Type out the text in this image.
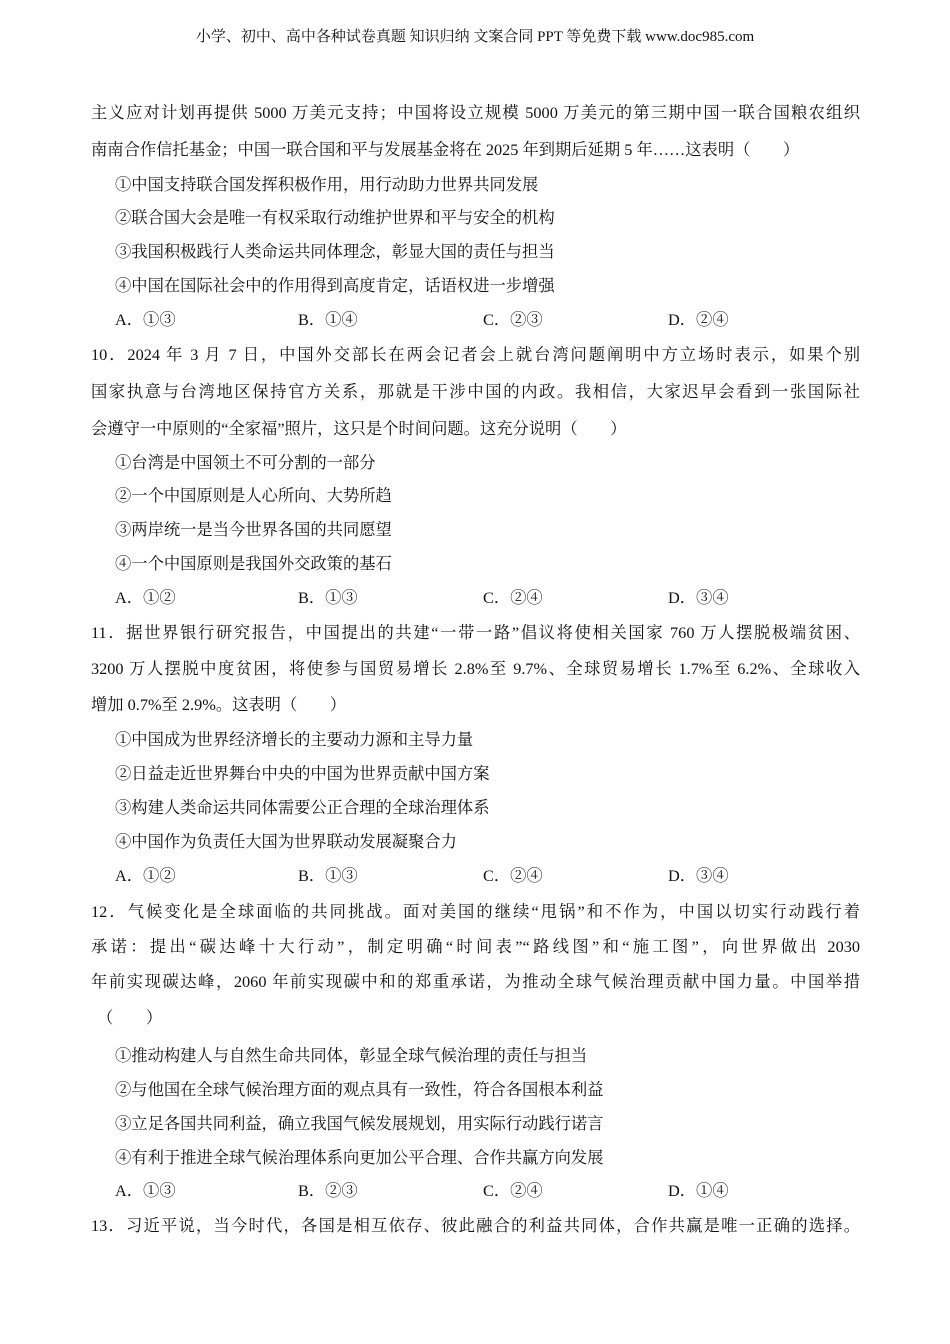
小学、初中、高中各种试卷真题 知识归纳 文案合同 PPT 等免费下载 www.doc985.com
主义应对计划再提供 5000 万美元支持；中国将设立规模 5000 万美元的第三期中国一联合国粮农组织
南南合作信托基金；中国一联合国和平与发展基金将在 2025 年到期后延期 5 年……这表明（　　）
①中国支持联合国发挥积极作用，用行动助力世界共同发展
②联合国大会是唯一有权采取行动维护世界和平与安全的机构
③我国积极践行人类命运共同体理念，彰显大国的责任与担当
④中国在国际社会中的作用得到高度肯定，话语权进一步增强
A．①③	B．①④	C．②③	D．②④
10．2024 年 3 月 7 日，中国外交部长在两会记者会上就台湾问题阐明中方立场时表示，如果个别
国家执意与台湾地区保持官方关系，那就是干涉中国的内政。我相信，大家迟早会看到一张国际社
会遵守一中原则的“全家福”照片，这只是个时间问题。这充分说明（　　）
①台湾是中国领土不可分割的一部分
②一个中国原则是人心所向、大势所趋
③两岸统一是当今世界各国的共同愿望
④一个中国原则是我国外交政策的基石
A．①②	B．①③	C．②④	D．③④
11．据世界银行研究报告，中国提出的共建“一带一路”倡议将使相关国家 760 万人摆脱极端贫困、
3200 万人摆脱中度贫困，将使参与国贸易增长 2.8%至 9.7%、全球贸易增长 1.7%至 6.2%、全球收入
增加 0.7%至 2.9%。这表明（　　）
①中国成为世界经济增长的主要动力源和主导力量
②日益走近世界舞台中央的中国为世界贡献中国方案
③构建人类命运共同体需要公正合理的全球治理体系
④中国作为负责任大国为世界联动发展凝聚合力
A．①②	B．①③	C．②④	D．③④
12．气候变化是全球面临的共同挑战。面对美国的继续“甩锅”和不作为，中国以切实行动践行着
承诺：提出“碳达峰十大行动”，制定明确“时间表”“路线图”和“施工图”，向世界做出 2030
年前实现碳达峰，2060 年前实现碳中和的郑重承诺，为推动全球气候治理贡献中国力量。中国举措
（　　）
①推动构建人与自然生命共同体，彰显全球气候治理的责任与担当
②与他国在全球气候治理方面的观点具有一致性，符合各国根本利益
③立足各国共同利益，确立我国气候发展规划，用实际行动践行诺言
④有利于推进全球气候治理体系向更加公平合理、合作共赢方向发展
A．①③	B．②③	C．②④	D．①④
13．习近平说，当今时代，各国是相互依存、彼此融合的利益共同体，合作共赢是唯一正确的选择。
